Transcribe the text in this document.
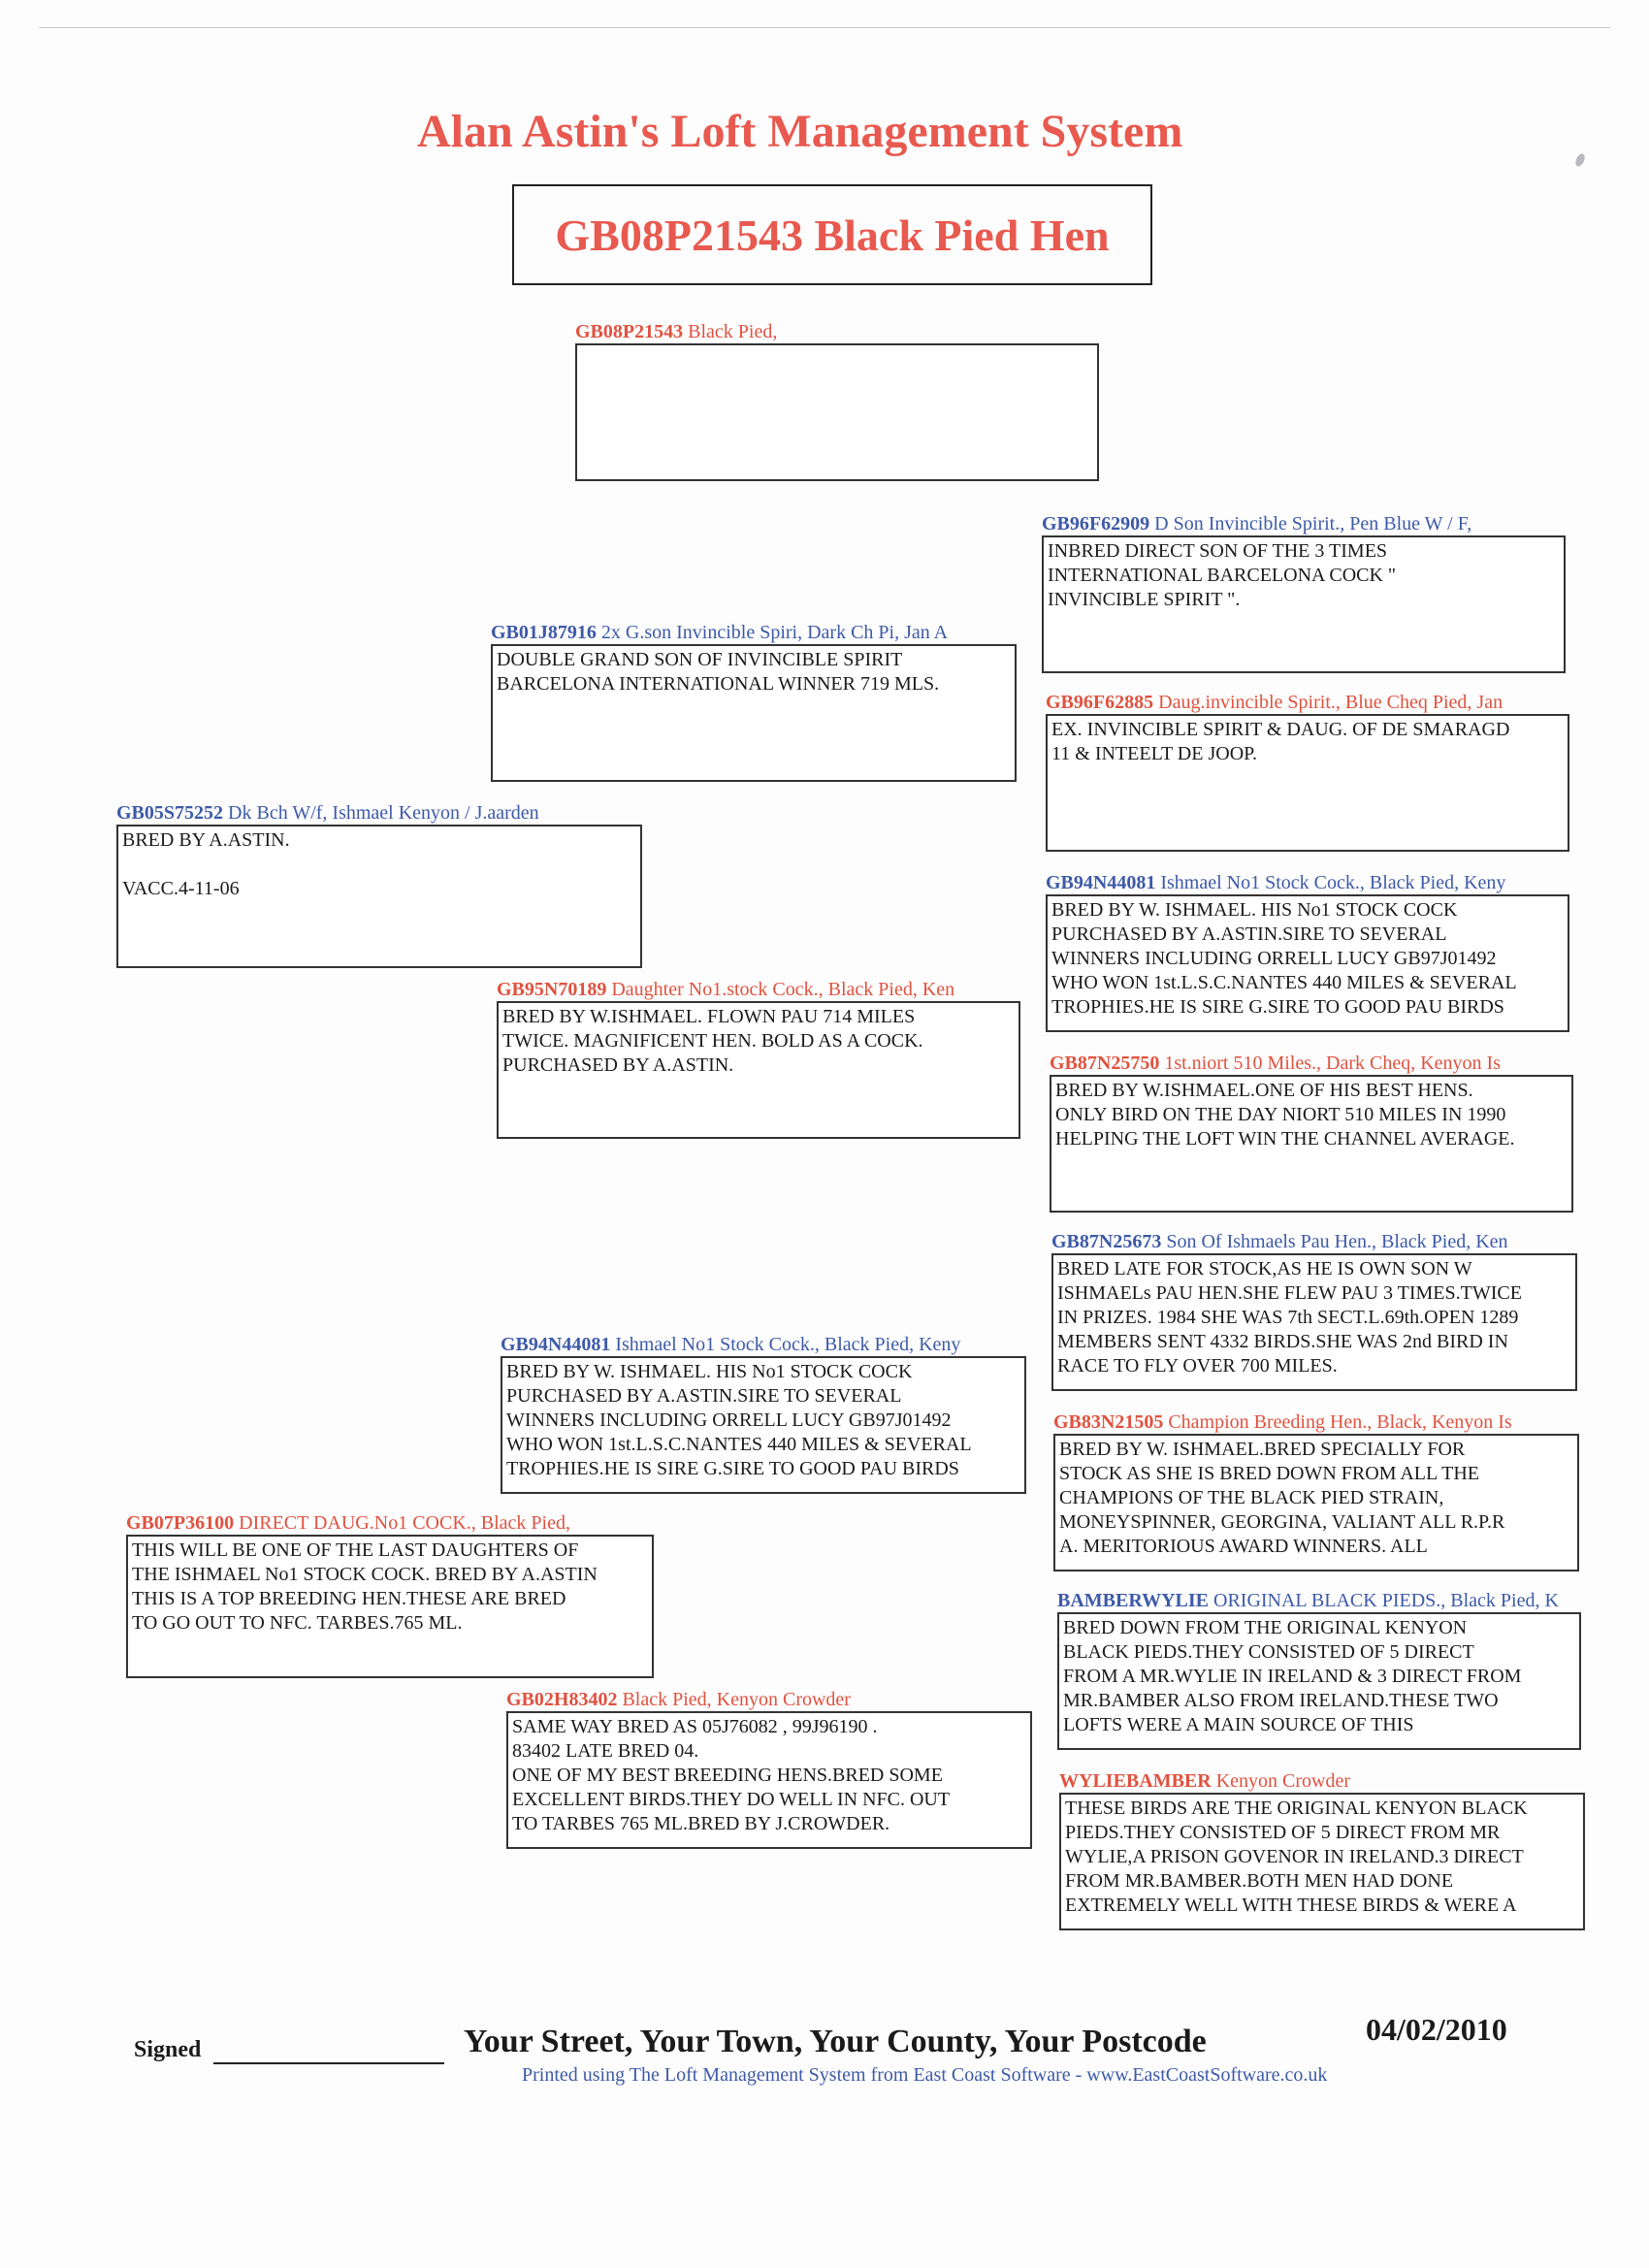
Alan Astin's Loft Management System
GB08P21543 Black Pied Hen
GB08P21543 Black Pied,

GB05S75252 Dk Bch W/f, Ishmael Kenyon / J.aarden

BRED BY A.ASTIN.

VACC.4-11-06

GB01J87916 2x G.son Invincible Spiri, Dark Ch Pi, Jan A

DOUBLE GRAND SON OF INVINCIBLE SPIRIT
BARCELONA INTERNATIONAL WINNER 719 MLS.

GB96F62909 D Son Invincible Spirit., Pen Blue W / F,

INBRED DIRECT SON OF THE 3 TIMES
INTERNATIONAL BARCELONA COCK "
INVINCIBLE SPIRIT ".

GB96F62885 Daug.invincible Spirit., Blue Cheq Pied, Jan

EX. INVINCIBLE SPIRIT & DAUG. OF DE SMARAGD
11 & INTEELT DE JOOP.

GB95N70189 Daughter No1.stock Cock., Black Pied, Ken

BRED BY W.ISHMAEL. FLOWN PAU 714 MILES
TWICE. MAGNIFICENT HEN. BOLD AS A COCK.
PURCHASED BY A.ASTIN.

GB94N44081 Ishmael No1 Stock Cock., Black Pied, Keny

BRED BY W. ISHMAEL. HIS No1 STOCK COCK
PURCHASED BY A.ASTIN.SIRE TO SEVERAL
WINNERS INCLUDING ORRELL LUCY GB97J01492
WHO WON 1st.L.S.C.NANTES 440 MILES & SEVERAL
TROPHIES.HE IS SIRE G.SIRE TO GOOD PAU BIRDS

GB87N25750 1st.niort 510 Miles., Dark Cheq, Kenyon Is

BRED BY W.ISHMAEL.ONE OF HIS BEST HENS.
ONLY BIRD ON THE DAY NIORT 510 MILES IN 1990
HELPING THE LOFT WIN THE CHANNEL AVERAGE.

GB07P36100 DIRECT DAUG.No1 COCK., Black Pied,

THIS WILL BE ONE OF THE LAST DAUGHTERS OF
THE ISHMAEL No1 STOCK COCK. BRED BY A.ASTIN
THIS IS A TOP BREEDING HEN.THESE ARE BRED
TO GO OUT TO NFC. TARBES.765 ML.

GB94N44081 Ishmael No1 Stock Cock., Black Pied, Keny

BRED BY W. ISHMAEL. HIS No1 STOCK COCK
PURCHASED BY A.ASTIN.SIRE TO SEVERAL
WINNERS INCLUDING ORRELL LUCY GB97J01492
WHO WON 1st.L.S.C.NANTES 440 MILES & SEVERAL
TROPHIES.HE IS SIRE G.SIRE TO GOOD PAU BIRDS

GB87N25673 Son Of Ishmaels Pau Hen., Black Pied, Ken

BRED LATE FOR STOCK,AS HE IS OWN SON W
ISHMAELs PAU HEN.SHE FLEW PAU 3 TIMES.TWICE
IN PRIZES. 1984 SHE WAS 7th SECT.L.69th.OPEN 1289
MEMBERS SENT 4332 BIRDS.SHE WAS 2nd BIRD IN
RACE TO FLY OVER 700 MILES.

GB83N21505 Champion Breeding Hen., Black, Kenyon Is

BRED BY W. ISHMAEL.BRED SPECIALLY FOR
STOCK AS SHE IS BRED DOWN FROM ALL THE
CHAMPIONS OF THE BLACK PIED STRAIN,
MONEYSPINNER, GEORGINA, VALIANT ALL R.P.R
A. MERITORIOUS AWARD WINNERS. ALL

GB02H83402 Black Pied, Kenyon Crowder

SAME WAY BRED AS 05J76082 , 99J96190 .
83402 LATE BRED 04.
ONE OF MY BEST BREEDING HENS.BRED SOME
EXCELLENT BIRDS.THEY DO WELL IN NFC. OUT
TO TARBES 765 ML.BRED BY J.CROWDER.

BAMBERWYLIE ORIGINAL BLACK PIEDS., Black Pied, K

BRED DOWN FROM THE ORIGINAL KENYON
BLACK PIEDS.THEY CONSISTED OF 5 DIRECT
FROM A MR.WYLIE IN IRELAND & 3 DIRECT FROM
MR.BAMBER ALSO FROM IRELAND.THESE TWO
LOFTS WERE A MAIN SOURCE OF THIS

WYLIEBAMBER Kenyon Crowder

THESE BIRDS ARE THE ORIGINAL KENYON BLACK
PIEDS.THEY CONSISTED OF 5 DIRECT FROM MR
WYLIE,A PRISON GOVENOR IN IRELAND.3 DIRECT
FROM MR.BAMBER.BOTH MEN HAD DONE
EXTREMELY WELL WITH THESE BIRDS & WERE A

Signed	Your Street, Your Town, Your County, Your Postcode	04/02/2010
Printed using The Loft Management System from East Coast Software - www.EastCoastSoftware.co.uk
